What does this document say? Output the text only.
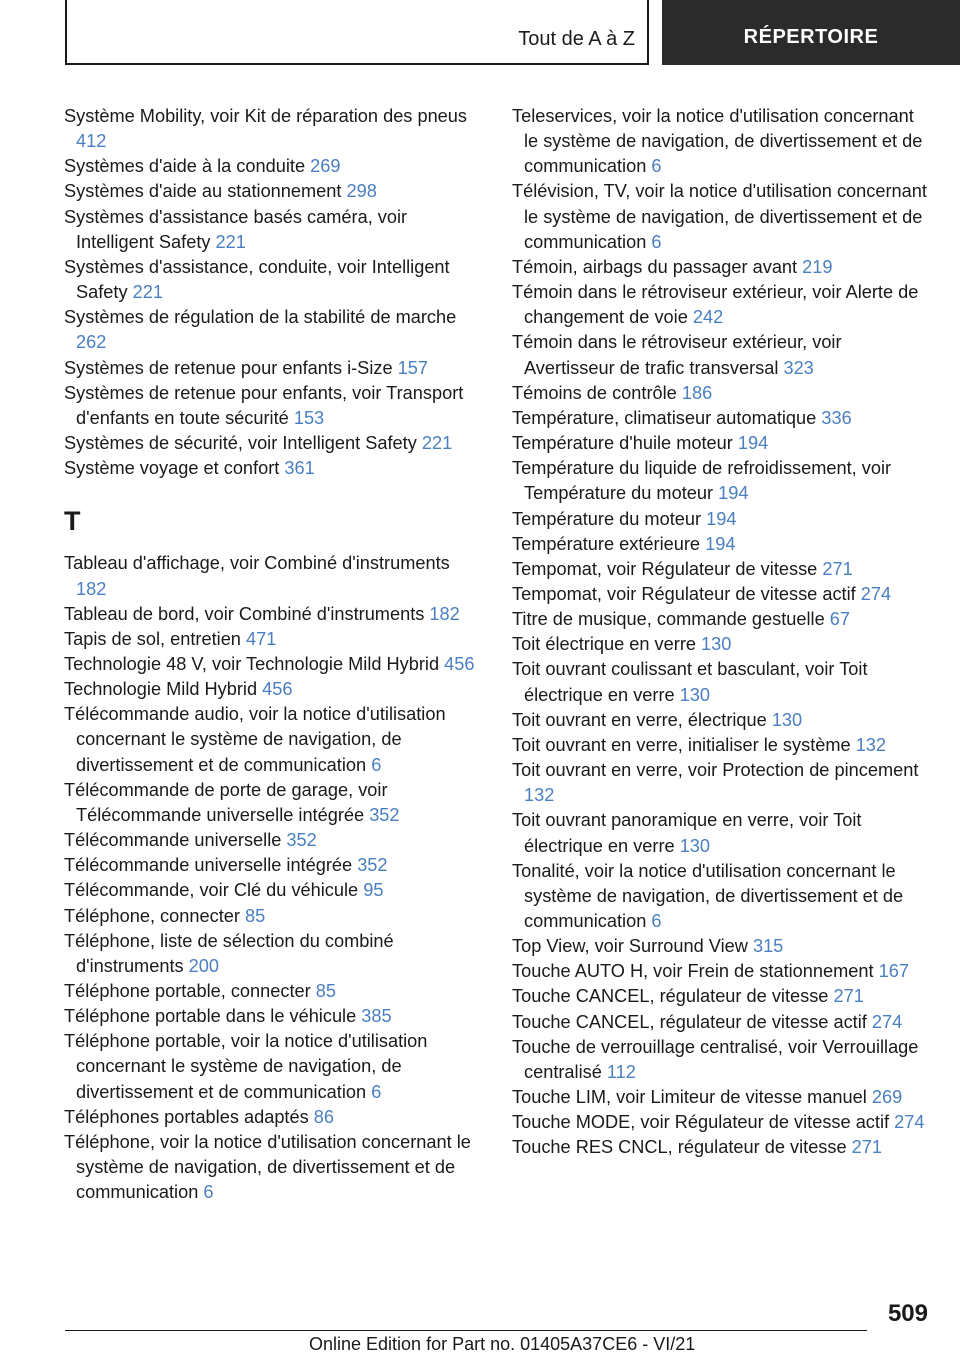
Tout de A à Z	RÉPERTOIRE
Système Mobility, voir Kit de réparation des pneus 412
Systèmes d'aide à la conduite 269
Systèmes d'aide au stationnement 298
Systèmes d'assistance basés caméra, voir Intelligent Safety 221
Systèmes d'assistance, conduite, voir Intelligent Safety 221
Systèmes de régulation de la stabilité de marche 262
Systèmes de retenue pour enfants i-Size 157
Systèmes de retenue pour enfants, voir Transport d'enfants en toute sécurité 153
Systèmes de sécurité, voir Intelligent Safety 221
Système voyage et confort 361
T
Tableau d'affichage, voir Combiné d'instruments 182
Tableau de bord, voir Combiné d'instruments 182
Tapis de sol, entretien 471
Technologie 48 V, voir Technologie Mild Hybrid 456
Technologie Mild Hybrid 456
Télécommande audio, voir la notice d'utilisation concernant le système de navigation, de divertissement et de communication 6
Télécommande de porte de garage, voir Télécommande universelle intégrée 352
Télécommande universelle 352
Télécommande universelle intégrée 352
Télécommande, voir Clé du véhicule 95
Téléphone, connecter 85
Téléphone, liste de sélection du combiné d'instruments 200
Téléphone portable, connecter 85
Téléphone portable dans le véhicule 385
Téléphone portable, voir la notice d'utilisation concernant le système de navigation, de divertissement et de communication 6
Téléphones portables adaptés 86
Téléphone, voir la notice d'utilisation concernant le système de navigation, de divertissement et de communication 6
Teleservices, voir la notice d'utilisation concernant le système de navigation, de divertissement et de communication 6
Télévision, TV, voir la notice d'utilisation concernant le système de navigation, de divertissement et de communication 6
Témoin, airbags du passager avant 219
Témoin dans le rétroviseur extérieur, voir Alerte de changement de voie 242
Témoin dans le rétroviseur extérieur, voir Avertisseur de trafic transversal 323
Témoins de contrôle 186
Température, climatiseur automatique 336
Température d'huile moteur 194
Température du liquide de refroidissement, voir Température du moteur 194
Température du moteur 194
Température extérieure 194
Tempomat, voir Régulateur de vitesse 271
Tempomat, voir Régulateur de vitesse actif 274
Titre de musique, commande gestuelle 67
Toit électrique en verre 130
Toit ouvrant coulissant et basculant, voir Toit électrique en verre 130
Toit ouvrant en verre, électrique 130
Toit ouvrant en verre, initialiser le système 132
Toit ouvrant en verre, voir Protection de pincement 132
Toit ouvrant panoramique en verre, voir Toit électrique en verre 130
Tonalité, voir la notice d'utilisation concernant le système de navigation, de divertissement et de communication 6
Top View, voir Surround View 315
Touche AUTO H, voir Frein de stationnement 167
Touche CANCEL, régulateur de vitesse 271
Touche CANCEL, régulateur de vitesse actif 274
Touche de verrouillage centralisé, voir Verrouillage centralisé 112
Touche LIM, voir Limiteur de vitesse manuel 269
Touche MODE, voir Régulateur de vitesse actif 274
Touche RES CNCL, régulateur de vitesse 271
509
Online Edition for Part no. 01405A37CE6 - VI/21
